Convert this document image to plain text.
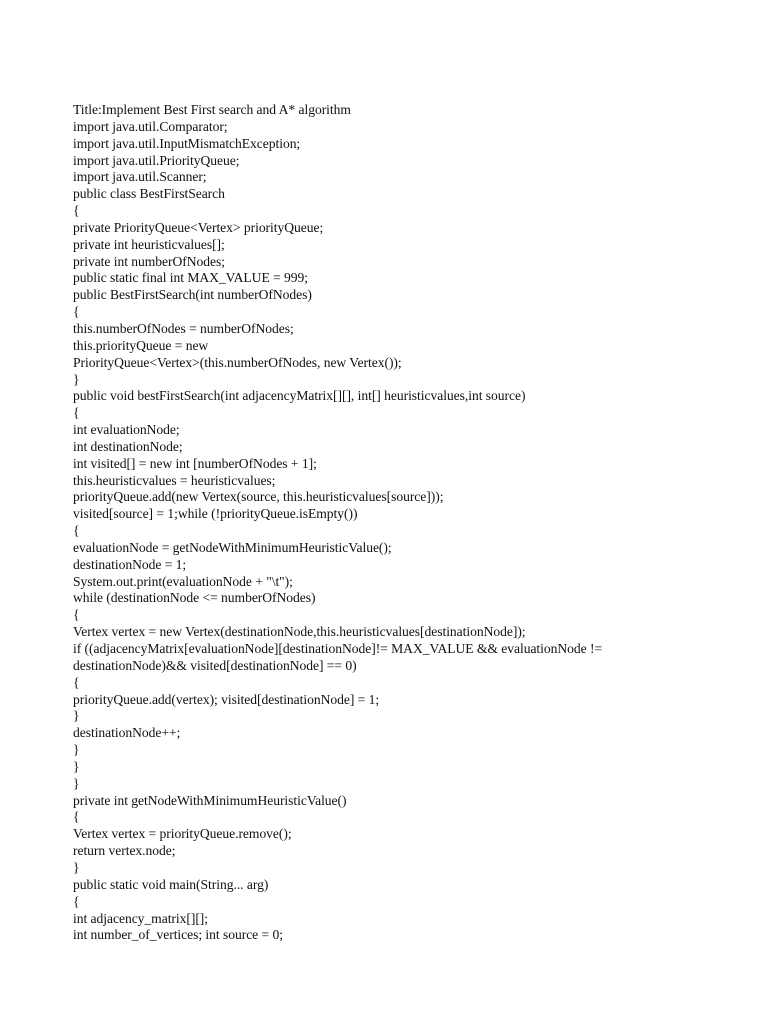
Title:Implement Best First search and A* algorithm
import java.util.Comparator;
import java.util.InputMismatchException;
import java.util.PriorityQueue;
import java.util.Scanner;
public class BestFirstSearch
{
private PriorityQueue<Vertex> priorityQueue;
private int heuristicvalues[];
private int numberOfNodes;
public static final int MAX_VALUE = 999;
public BestFirstSearch(int numberOfNodes)
{
this.numberOfNodes = numberOfNodes;
this.priorityQueue = new
PriorityQueue<Vertex>(this.numberOfNodes, new Vertex());
}
public void bestFirstSearch(int adjacencyMatrix[][], int[] heuristicvalues,int source)
{
int evaluationNode;
int destinationNode;
int visited[] = new int [numberOfNodes + 1];
this.heuristicvalues = heuristicvalues;
priorityQueue.add(new Vertex(source, this.heuristicvalues[source]));
visited[source] = 1;while (!priorityQueue.isEmpty())
{
evaluationNode = getNodeWithMinimumHeuristicValue();
destinationNode = 1;
System.out.print(evaluationNode + "\t");
while (destinationNode <= numberOfNodes)
{
Vertex vertex = new Vertex(destinationNode,this.heuristicvalues[destinationNode]);
if ((adjacencyMatrix[evaluationNode][destinationNode]!= MAX_VALUE && evaluationNode !=
destinationNode)&& visited[destinationNode] == 0)
{
priorityQueue.add(vertex); visited[destinationNode] = 1;
}
destinationNode++;
}
}
}
private int getNodeWithMinimumHeuristicValue()
{
Vertex vertex = priorityQueue.remove();
return vertex.node;
}
public static void main(String... arg)
{
int adjacency_matrix[][];
int number_of_vertices; int source = 0;
